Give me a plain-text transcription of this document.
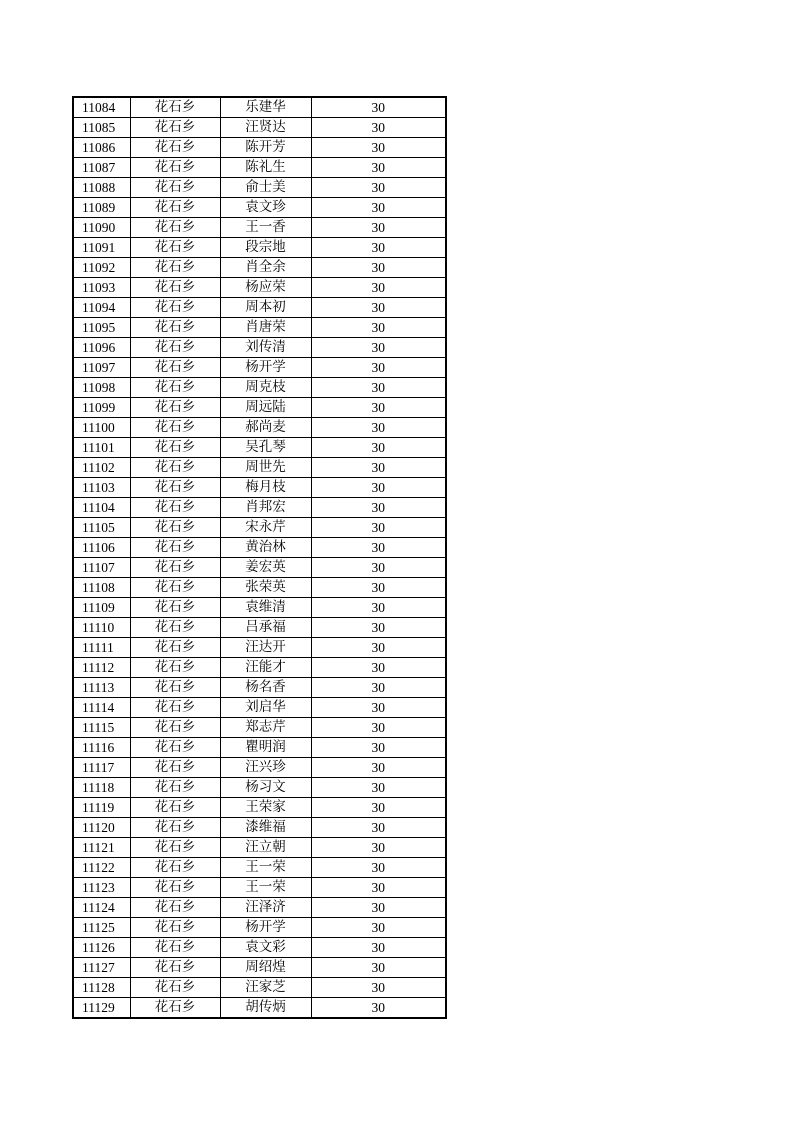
11084	花石乡	乐建华	30
11085	花石乡	汪贤达	30
11086	花石乡	陈开芳	30
11087	花石乡	陈礼生	30
11088	花石乡	俞士美	30
11089	花石乡	袁文珍	30
11090	花石乡	王一香	30
11091	花石乡	段宗地	30
11092	花石乡	肖全余	30
11093	花石乡	杨应荣	30
11094	花石乡	周本初	30
11095	花石乡	肖唐荣	30
11096	花石乡	刘传清	30
11097	花石乡	杨开学	30
11098	花石乡	周克枝	30
11099	花石乡	周远陆	30
11100	花石乡	郝尚麦	30
11101	花石乡	吴孔琴	30
11102	花石乡	周世先	30
11103	花石乡	梅月枝	30
11104	花石乡	肖邦宏	30
11105	花石乡	宋永芹	30
11106	花石乡	黄治林	30
11107	花石乡	姜宏英	30
11108	花石乡	张荣英	30
11109	花石乡	袁维清	30
11110	花石乡	吕承福	30
11111	花石乡	汪达开	30
11112	花石乡	汪能才	30
11113	花石乡	杨名香	30
11114	花石乡	刘启华	30
11115	花石乡	郑志芹	30
11116	花石乡	瞿明润	30
11117	花石乡	汪兴珍	30
11118	花石乡	杨习文	30
11119	花石乡	王荣家	30
11120	花石乡	漆维福	30
11121	花石乡	汪立朝	30
11122	花石乡	王一荣	30
11123	花石乡	王一荣	30
11124	花石乡	汪泽济	30
11125	花石乡	杨开学	30
11126	花石乡	袁文彩	30
11127	花石乡	周绍煌	30
11128	花石乡	汪家芝	30
11129	花石乡	胡传炳	30
